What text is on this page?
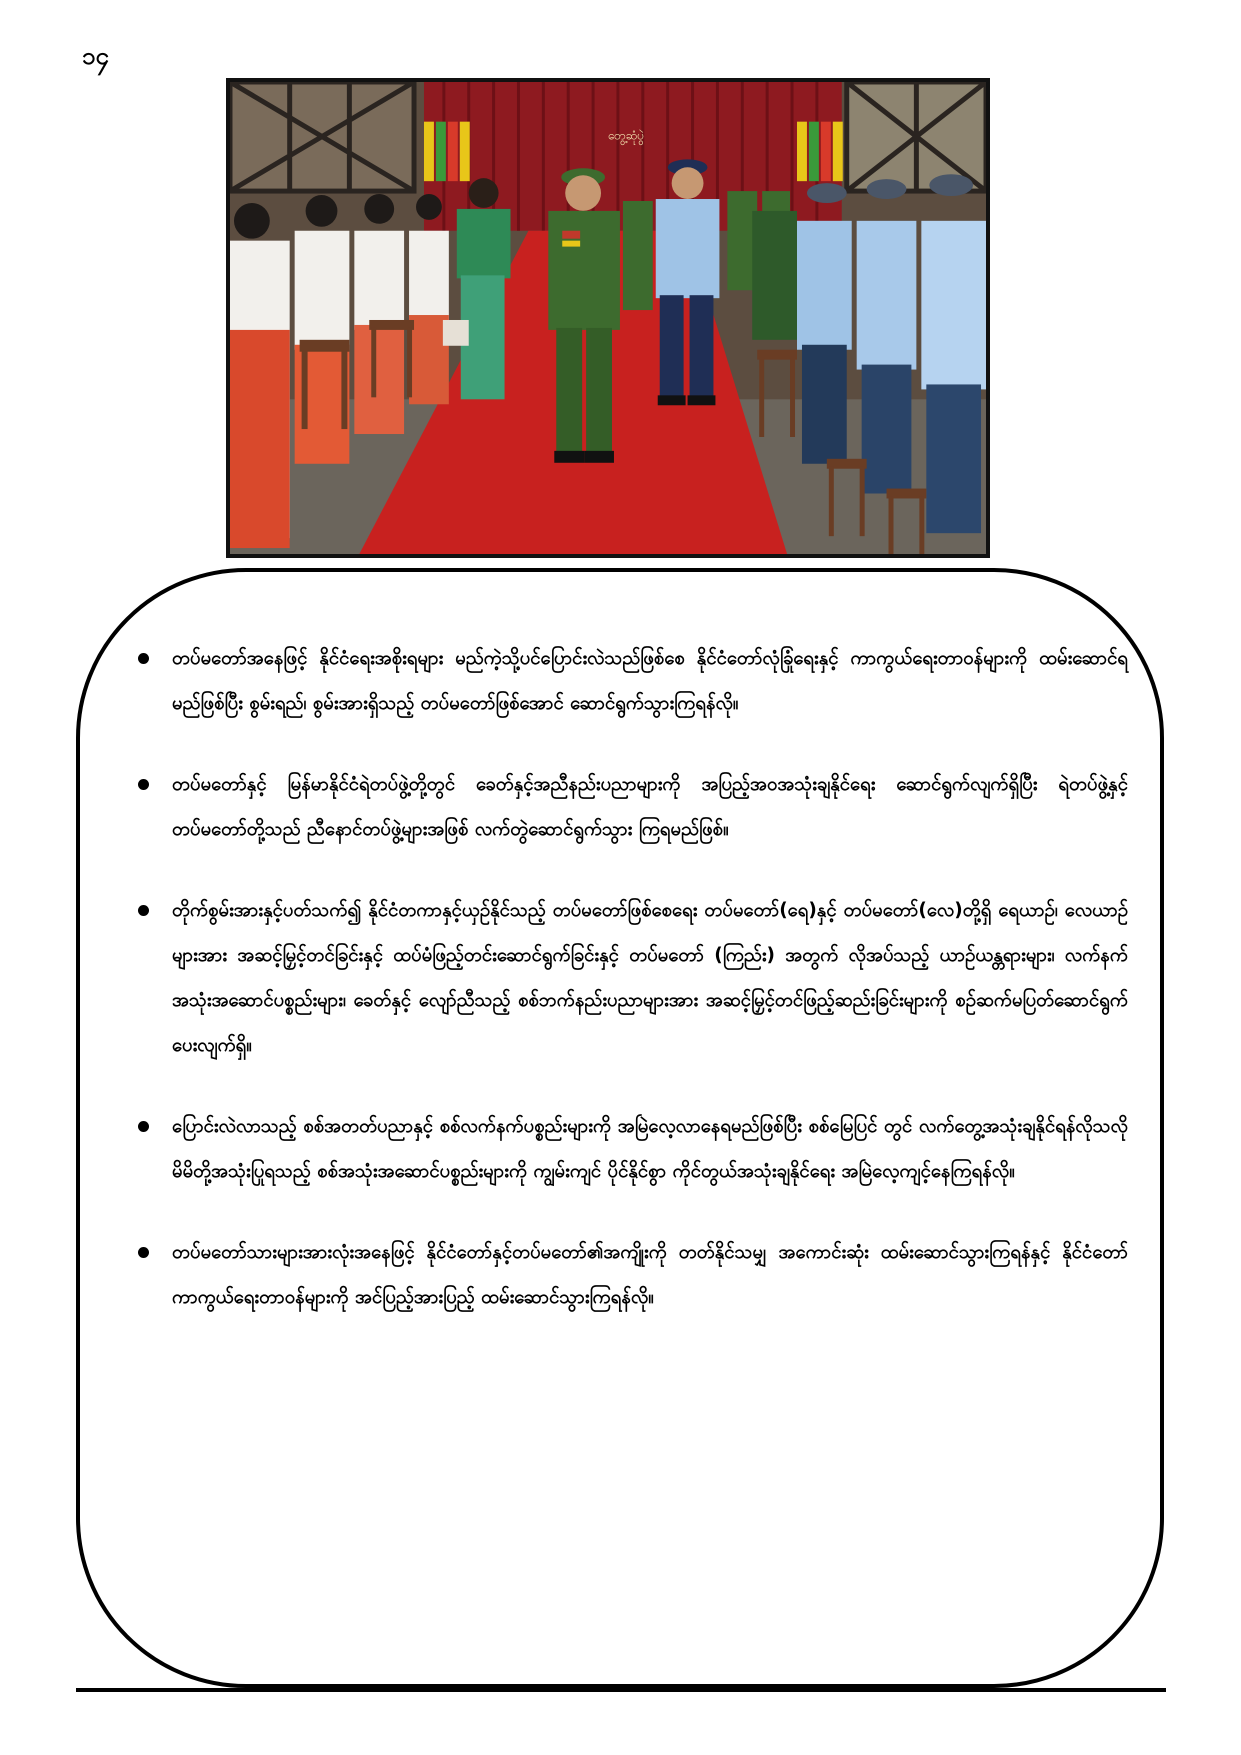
၁၄
တွေ့ဆုံပွဲ
တပ်မတော်အနေဖြင့် နိုင်ငံရေးအစိုးရများ မည်ကဲ့သို့ပင်ပြောင်းလဲသည်ဖြစ်စေ နိုင်ငံတော်လုံခြုံရေးနှင့် ကာကွယ်ရေးတာဝန်များကို ထမ်းဆောင်ရမည်ဖြစ်ပြီး စွမ်းရည်၊ စွမ်းအားရှိသည့် တပ်မတော်ဖြစ်အောင် ဆောင်ရွက်သွားကြရန်လို။
တပ်မတော်နှင့် မြန်မာနိုင်ငံရဲတပ်ဖွဲ့တို့တွင် ခေတ်နှင့်အညီနည်းပညာများကို အပြည့်အဝအသုံးချနိုင်ရေး ဆောင်ရွက်လျက်ရှိပြီး ရဲတပ်ဖွဲ့နှင့် တပ်မတော်တို့သည် ညီနောင်တပ်ဖွဲ့များအဖြစ် လက်တွဲဆောင်ရွက်သွား ကြရမည်ဖြစ်။
တိုက်စွမ်းအားနှင့်ပတ်သက်၍ နိုင်ငံတကာနှင့်ယှဉ်နိုင်သည့် တပ်မတော်ဖြစ်စေရေး တပ်မတော်(ရေ)နှင့် တပ်မတော်(လေ)တို့ရှိ ရေယာဉ်၊ လေယာဉ်များအား အဆင့်မြှင့်တင်ခြင်းနှင့် ထပ်မံဖြည့်တင်းဆောင်ရွက်ခြင်းနှင့် တပ်မတော် (ကြည်း) အတွက် လိုအပ်သည့် ယာဉ်ယန္တရားများ၊ လက်နက်အသုံးအဆောင်ပစ္စည်းများ၊ ခေတ်နှင့် လျော်ညီသည့် စစ်ဘက်နည်းပညာများအား အဆင့်မြှင့်တင်ဖြည့်ဆည်းခြင်းများကို စဉ်ဆက်မပြတ်ဆောင်ရွက် ပေးလျက်ရှိ။
ပြောင်းလဲလာသည့် စစ်အတတ်ပညာနှင့် စစ်လက်နက်ပစ္စည်းများကို အမြဲလေ့လာနေရမည်ဖြစ်ပြီး စစ်မြေပြင် တွင် လက်တွေ့အသုံးချနိုင်ရန်လိုသလို မိမိတို့အသုံးပြုရသည့် စစ်အသုံးအဆောင်ပစ္စည်းများကို ကျွမ်းကျင် ပိုင်နိုင်စွာ ကိုင်တွယ်အသုံးချနိုင်ရေး အမြဲလေ့ကျင့်နေကြရန်လို။
တပ်မတော်သားများအားလုံးအနေဖြင့် နိုင်ငံတော်နှင့်တပ်မတော်၏အကျိုးကို တတ်နိုင်သမျှ အကောင်းဆုံး ထမ်းဆောင်သွားကြရန်နှင့် နိုင်ငံတော်ကာကွယ်ရေးတာဝန်များကို အင်ပြည့်အားပြည့် ထမ်းဆောင်သွားကြရန်လို။
